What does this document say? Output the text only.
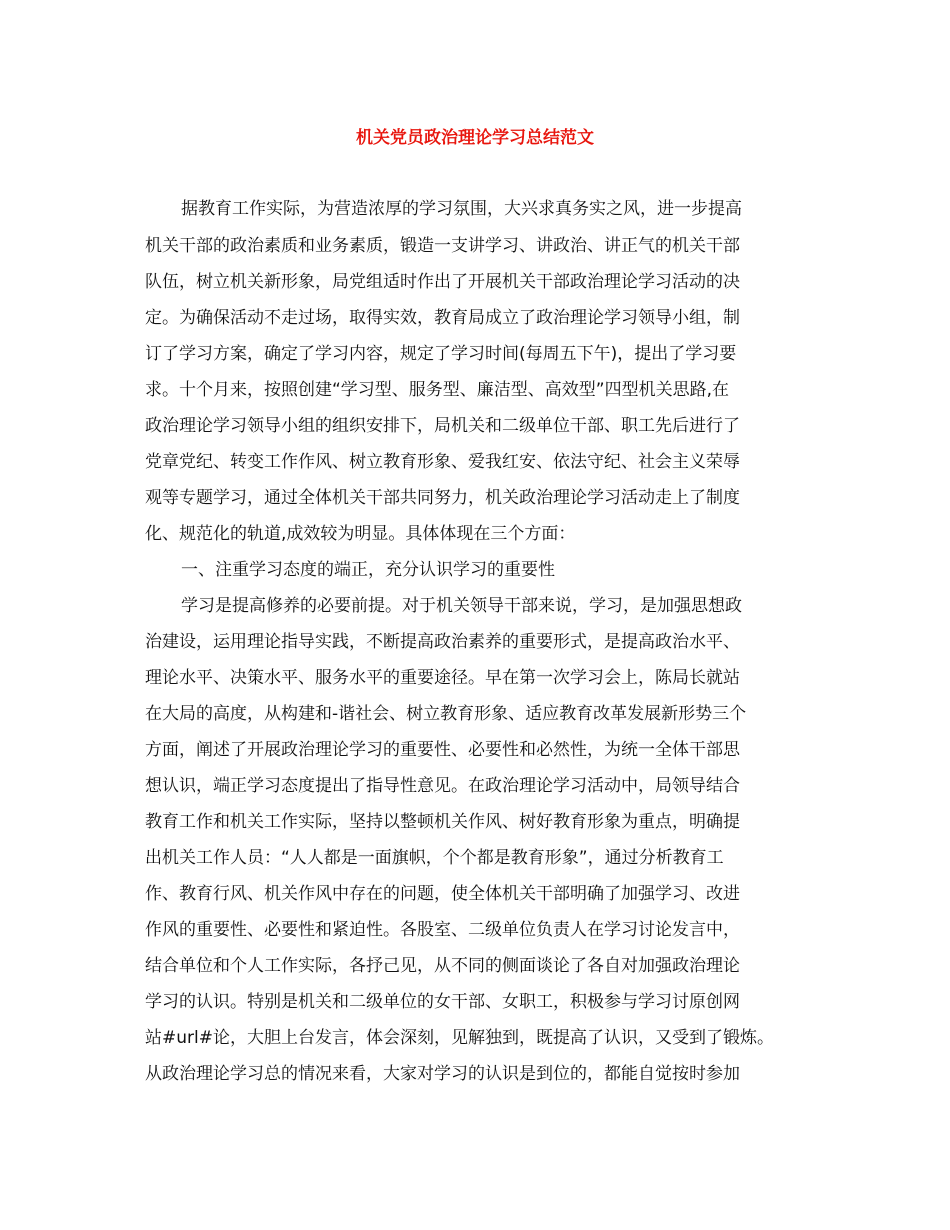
机关党员政治理论学习总结范文
据教育工作实际，为营造浓厚的学习氛围，大兴求真务实之风，进一步提高
机关干部的政治素质和业务素质，锻造一支讲学习、讲政治、讲正气的机关干部
队伍，树立机关新形象，局党组适时作出了开展机关干部政治理论学习活动的决
定。为确保活动不走过场，取得实效，教育局成立了政治理论学习领导小组，制
订了学习方案，确定了学习内容，规定了学习时间(每周五下午)，提出了学习要
求。十个月来，按照创建“学习型、服务型、廉洁型、高效型”四型机关思路,在
政治理论学习领导小组的组织安排下，局机关和二级单位干部、职工先后进行了
党章党纪、转变工作作风、树立教育形象、爱我红安、依法守纪、社会主义荣辱
观等专题学习，通过全体机关干部共同努力，机关政治理论学习活动走上了制度
化、规范化的轨道,成效较为明显。具体体现在三个方面：
一、注重学习态度的端正，充分认识学习的重要性
学习是提高修养的必要前提。对于机关领导干部来说，学习，是加强思想政
治建设，运用理论指导实践，不断提高政治素养的重要形式，是提高政治水平、
理论水平、决策水平、服务水平的重要途径。早在第一次学习会上，陈局长就站
在大局的高度，从构建和-谐社会、树立教育形象、适应教育改革发展新形势三个
方面，阐述了开展政治理论学习的重要性、必要性和必然性，为统一全体干部思
想认识，端正学习态度提出了指导性意见。在政治理论学习活动中，局领导结合
教育工作和机关工作实际，坚持以整顿机关作风、树好教育形象为重点，明确提
出机关工作人员：“人人都是一面旗帜，个个都是教育形象”，通过分析教育工
作、教育行风、机关作风中存在的问题，使全体机关干部明确了加强学习、改进
作风的重要性、必要性和紧迫性。各股室、二级单位负责人在学习讨论发言中，
结合单位和个人工作实际，各抒己见，从不同的侧面谈论了各自对加强政治理论
学习的认识。特别是机关和二级单位的女干部、女职工，积极参与学习讨原创网
站#url#论，大胆上台发言，体会深刻，见解独到，既提高了认识，又受到了锻炼。
从政治理论学习总的情况来看，大家对学习的认识是到位的，都能自觉按时参加
